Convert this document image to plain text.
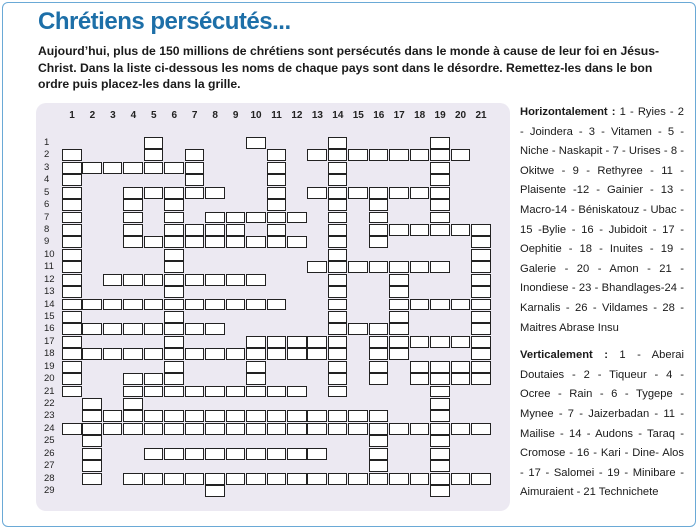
Chrétiens persécutés...
Aujourd’hui, plus de 150 millions de chrétiens sont persécutés dans le monde à cause de leur foi en Jésus-Christ. Dans la liste ci-dessous les noms de chaque pays sont dans le désordre. Remettez-les dans le bon ordre puis placez-les dans la grille.
1	2	3	4	5	6	7	8	9	10 11 12 13 14 15 16 17 18 19 20 21
1
2
3
4
5
6
7
8
9
10
11
12
13
14
15
16
17
18
19
20
21
22
23
24
25
26
27
28
29
Horizontalement : 1 - Ryies - 2 - Joindera - 3 - Vitamen - 5 - Niche - Naskapit - 7 - Urises - 8 - Okitwe - 9 - Rethyree - 11 - Plaisente -12 - Gainier - 13 - Macro-14 - Béniskatouz - Ubac - 15 -Bylie - 16 - Jubidoit - 17 - Oephitie - 18 - Inuites - 19 - Galerie - 20 - Amon - 21 - Inondiese - 23 - Bhandlages-24 - Karnalis - 26 - Vildames - 28 - Maitres Abrase Insu
Verticalement : 1 - Aberai Doutaies - 2 - Tiqueur - 4 - Ocree - Rain - 6 - Tygepe - Mynee - 7 - Jaizerbadan - 11 - Mailise - 14 - Audons - Taraq - Cromose - 16 - Kari - Dine- Alos - 17 - Salomei - 19 - Minibare - Aimuraient - 21 Technichete
